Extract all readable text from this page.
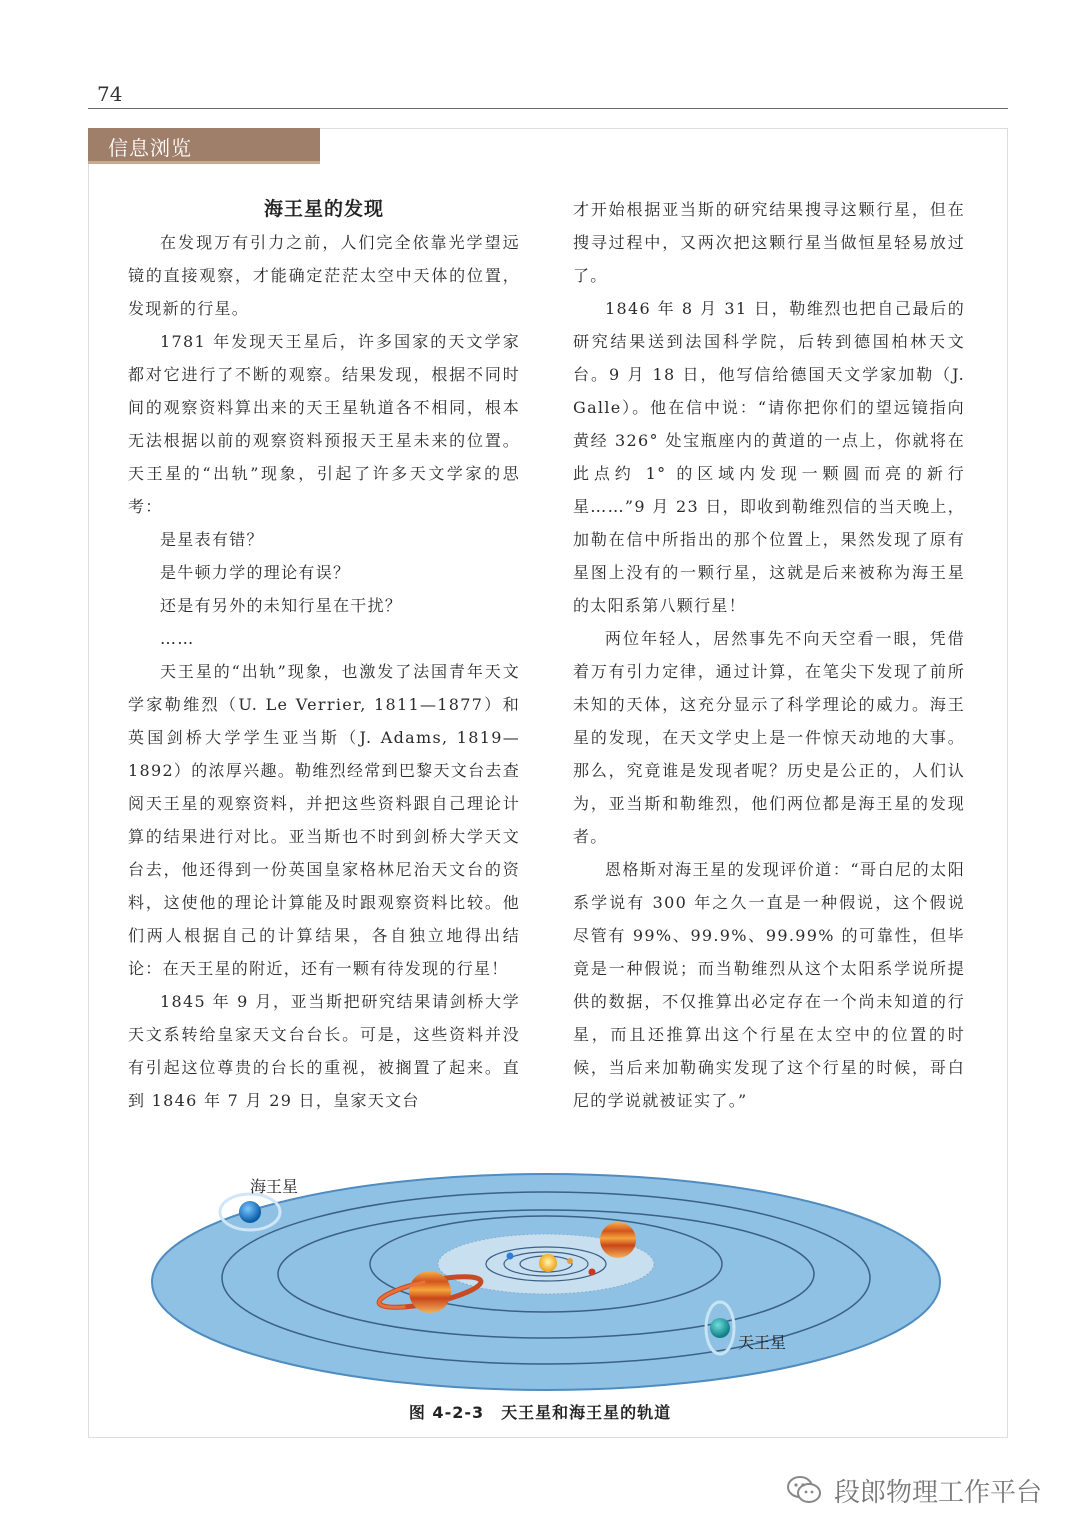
74
信息浏览
海王星的发现

在发现万有引力之前，人们完全依靠光学望远镜的直接观察，才能确定茫茫太空中天体的位置，发现新的行星。

1781 年发现天王星后，许多国家的天文学家都对它进行了不断的观察。结果发现，根据不同时间的观察资料算出来的天王星轨道各不相同，根本无法根据以前的观察资料预报天王星未来的位置。天王星的“出轨”现象，引起了许多天文学家的思考：

是星表有错？

是牛顿力学的理论有误？

还是有另外的未知行星在干扰？

……

天王星的“出轨”现象，也激发了法国青年天文学家勒维烈（U. Le Verrier, 1811—1877）和英国剑桥大学学生亚当斯（J. Adams, 1819—1892）的浓厚兴趣。勒维烈经常到巴黎天文台去查阅天王星的观察资料，并把这些资料跟自己理论计算的结果进行对比。亚当斯也不时到剑桥大学天文台去，他还得到一份英国皇家格林尼治天文台的资料，这使他的理论计算能及时跟观察资料比较。他们两人根据自己的计算结果，各自独立地得出结论：在天王星的附近，还有一颗有待发现的行星！

1845 年 9 月，亚当斯把研究结果请剑桥大学天文系转给皇家天文台台长。可是，这些资料并没有引起这位尊贵的台长的重视，被搁置了起来。直到 1846 年 7 月 29 日，皇家天文台

才开始根据亚当斯的研究结果搜寻这颗行星，但在搜寻过程中，又两次把这颗行星当做恒星轻易放过了。

1846 年 8 月 31 日，勒维烈也把自己最后的研究结果送到法国科学院，后转到德国柏林天文台。9 月 18 日，他写信给德国天文学家加勒（J. Galle）。他在信中说：“请你把你们的望远镜指向黄经 326° 处宝瓶座内的黄道的一点上，你就将在此点约 1° 的区域内发现一颗圆而亮的新行星……”9 月 23 日，即收到勒维烈信的当天晚上，加勒在信中所指出的那个位置上，果然发现了原有星图上没有的一颗行星，这就是后来被称为海王星的太阳系第八颗行星！

两位年轻人，居然事先不向天空看一眼，凭借着万有引力定律，通过计算，在笔尖下发现了前所未知的天体，这充分显示了科学理论的威力。海王星的发现，在天文学史上是一件惊天动地的大事。那么，究竟谁是发现者呢？历史是公正的，人们认为，亚当斯和勒维烈，他们两位都是海王星的发现者。

恩格斯对海王星的发现评价道：“哥白尼的太阳系学说有 300 年之久一直是一种假说，这个假说尽管有 99%、99.9%、99.99% 的可靠性，但毕竟是一种假说；而当勒维烈从这个太阳系学说所提供的数据，不仅推算出必定存在一个尚未知道的行星，而且还推算出这个行星在太空中的位置的时候，当后来加勒确实发现了这个行星的时候，哥白尼的学说就被证实了。”

海王星
天王星
图 4-2-3　天王星和海王星的轨道
段郎物理工作平台
